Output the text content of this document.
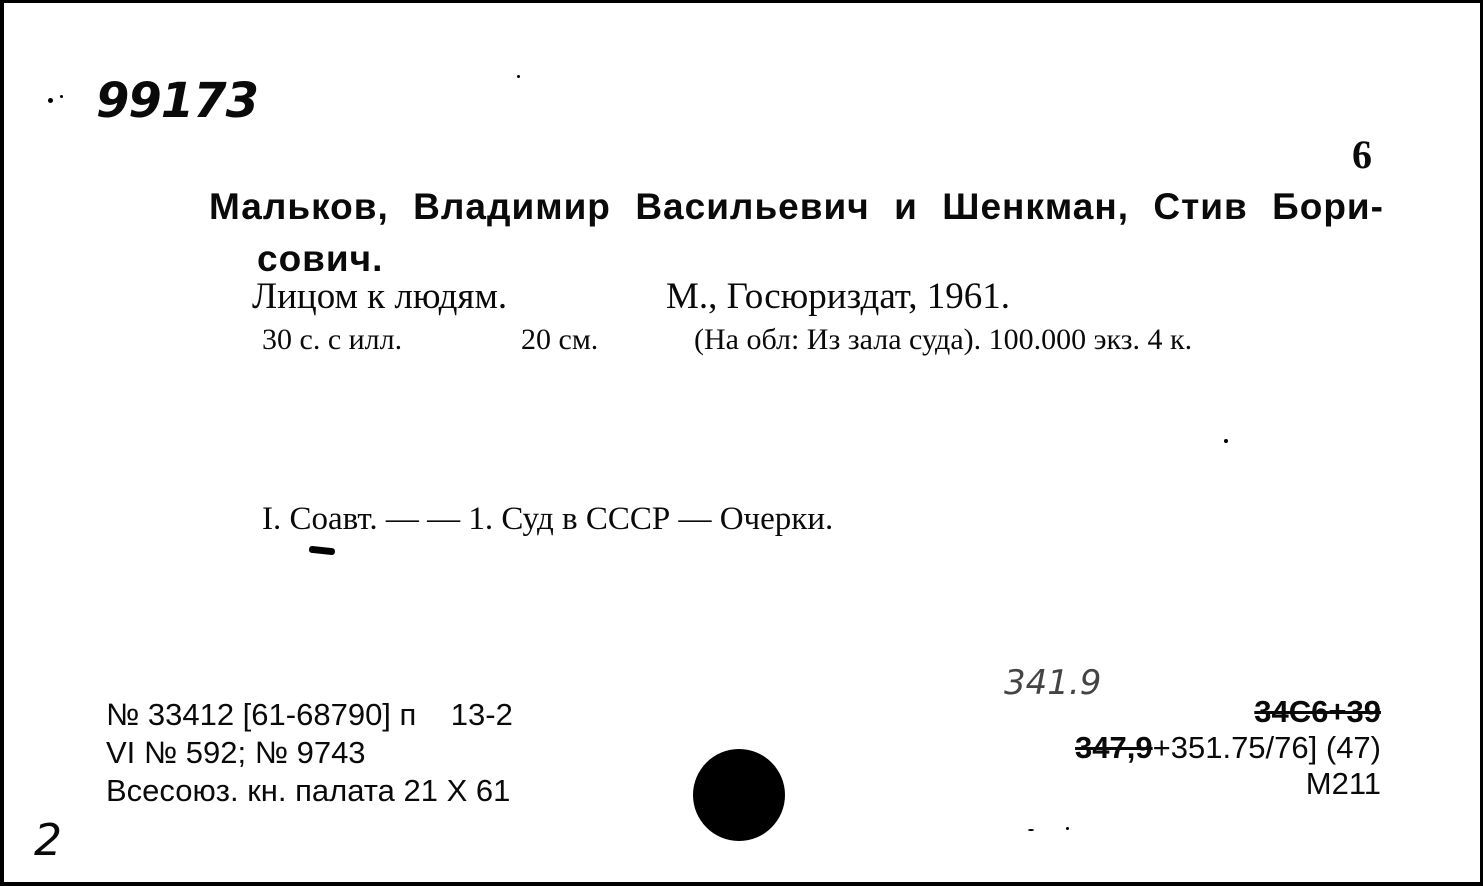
99173
6
Мальков, Владимир Васильевич и Шенкман, Стив Бори-
сович.
Лицом к людям.	М., Госюриздат, 1961.
30 с. с илл.	20 см.	(На обл: Из зала суда). 100.000 экз. 4 к.
I. Соавт. — — 1. Суд в СССР — Очерки.
№ 33412 [61-68790] п    13-2
VI № 592; № 9743
Всесоюз. кн. палата 21 X 61
341.9
34С6+39
347,9+351.75/76] (47)
М211
2
